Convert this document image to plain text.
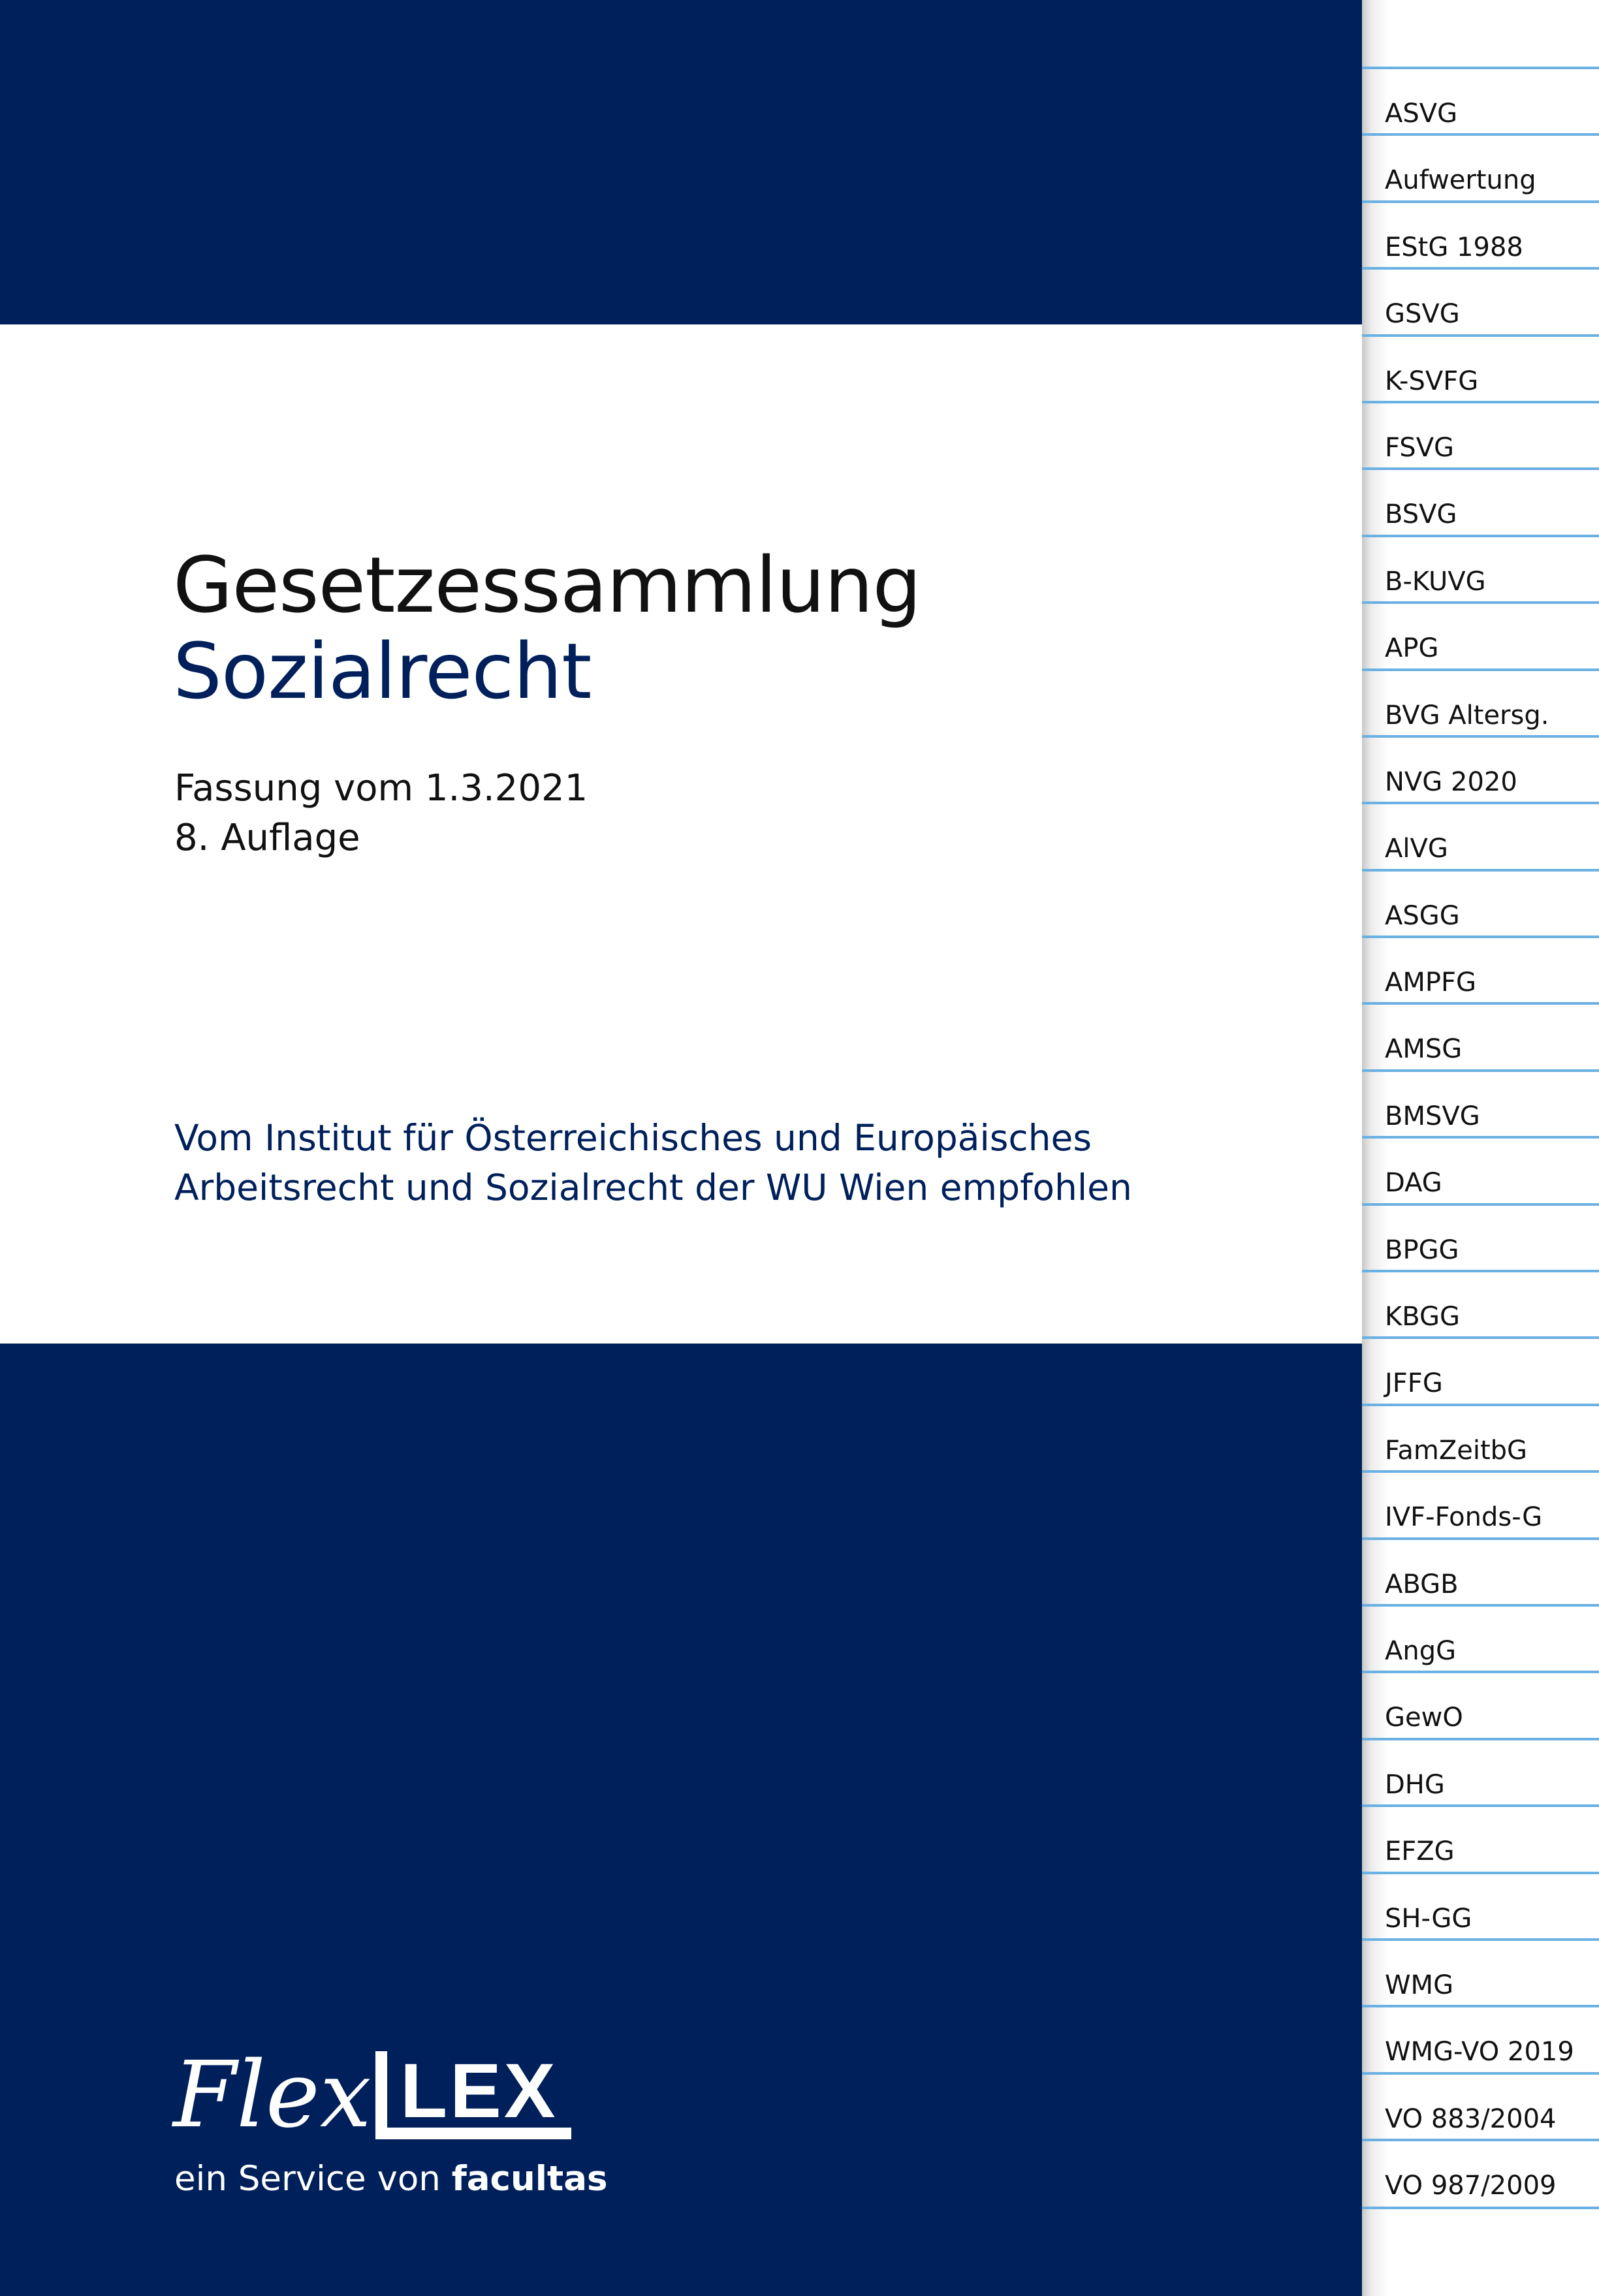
Gesetzessammlung
Sozialrecht
Fassung vom 1.3.2021
8. Auflage
Vom Institut für Österreichisches und Europäisches
Arbeitsrecht und Sozialrecht der WU Wien empfohlen
Flex LEX
ein Service von facultas
ASVG
Aufwertung
EStG 1988
GSVG
K-SVFG
FSVG
BSVG
B-KUVG
APG
BVG Altersg.
NVG 2020
AlVG
ASGG
AMPFG
AMSG
BMSVG
DAG
BPGG
KBGG
JFFG
FamZeitbG
IVF-Fonds-G
ABGB
AngG
GewO
DHG
EFZG
SH-GG
WMG
WMG-VO 2019
VO 883/2004
VO 987/2009
